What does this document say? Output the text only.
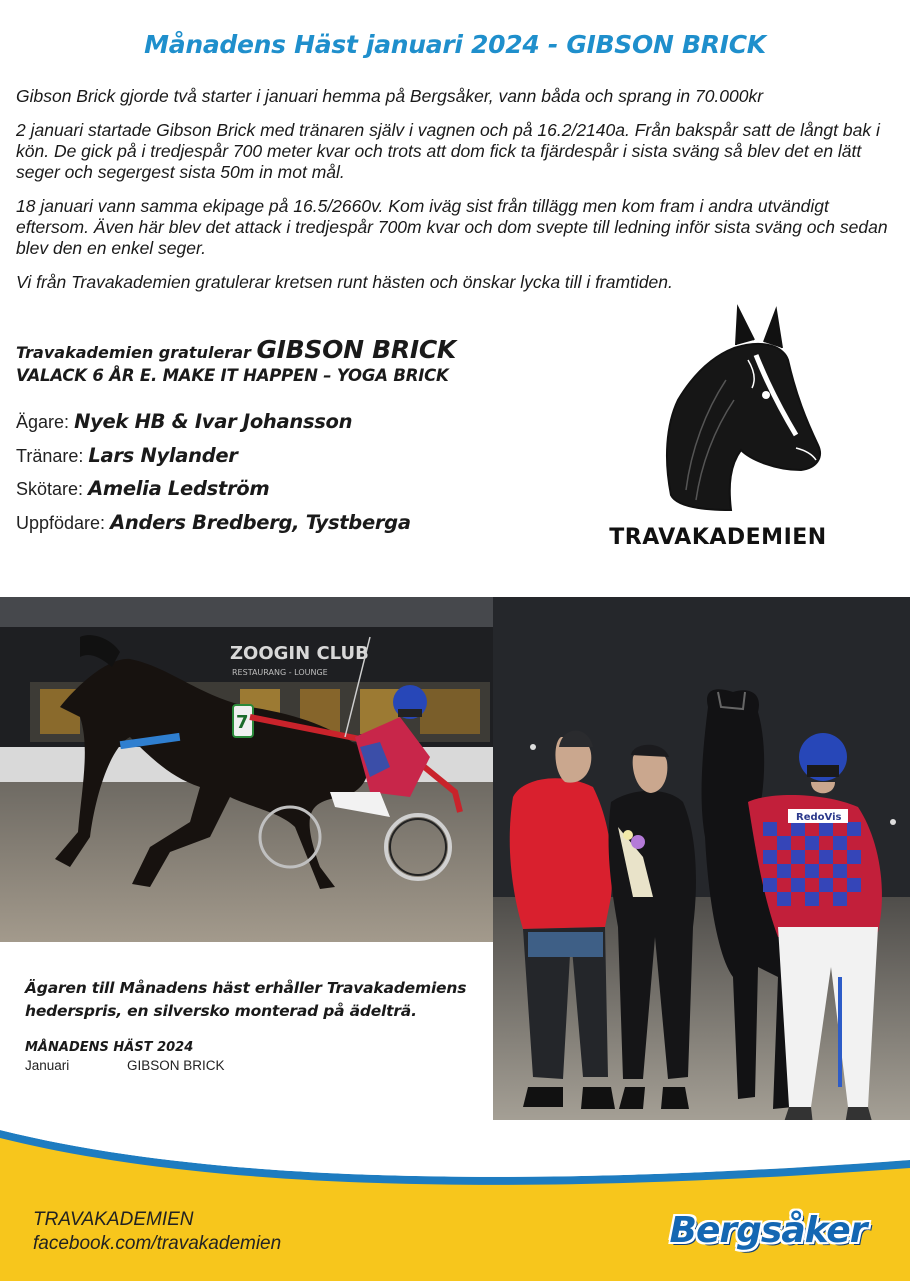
Månadens Häst januari 2024 - GIBSON BRICK

Gibson Brick gjorde två starter i januari hemma på Bergsåker, vann båda och sprang in 70.000kr

2 januari startade Gibson Brick med tränaren själv i vagnen och på 16.2/2140a. Från bakspår satt de långt bak i kön. De gick på i tredjespår 700 meter kvar och trots att dom fick ta fjärdespår i sista sväng så blev det en lätt seger och segergest sista 50m in mot mål.

18 januari vann samma ekipage på 16.5/2660v. Kom iväg sist från tillägg men kom fram i andra utvändigt eftersom. Även här blev det attack i tredjespår 700m kvar och dom svepte till ledning inför sista sväng och sedan blev den en enkel seger.

Vi från Travakademien gratulerar kretsen runt hästen och önskar lycka till i framtiden.

Travakademien gratulerar GIBSON BRICK
VALACK 6 ÅR E. MAKE IT HAPPEN – YOGA BRICK
Ägare:
Nyek HB & Ivar Johansson
Tränare:
Lars Nylander
Skötare:
Amelia Ledström
Uppfödare:
Anders Bredberg, Tystberga
TRAVAKADEMIEN
ZOOGIN CLUB
RESTAURANG - LOUNGE
7
RedoVis
Ägaren till Månadens häst erhåller Travakademiens hederspris, en silversko monterad på ädelträ.
MÅNADENS HÄST 2024
Januari	GIBSON BRICK
TRAVAKADEMIEN
facebook.com/travakademien	Bergsåker
